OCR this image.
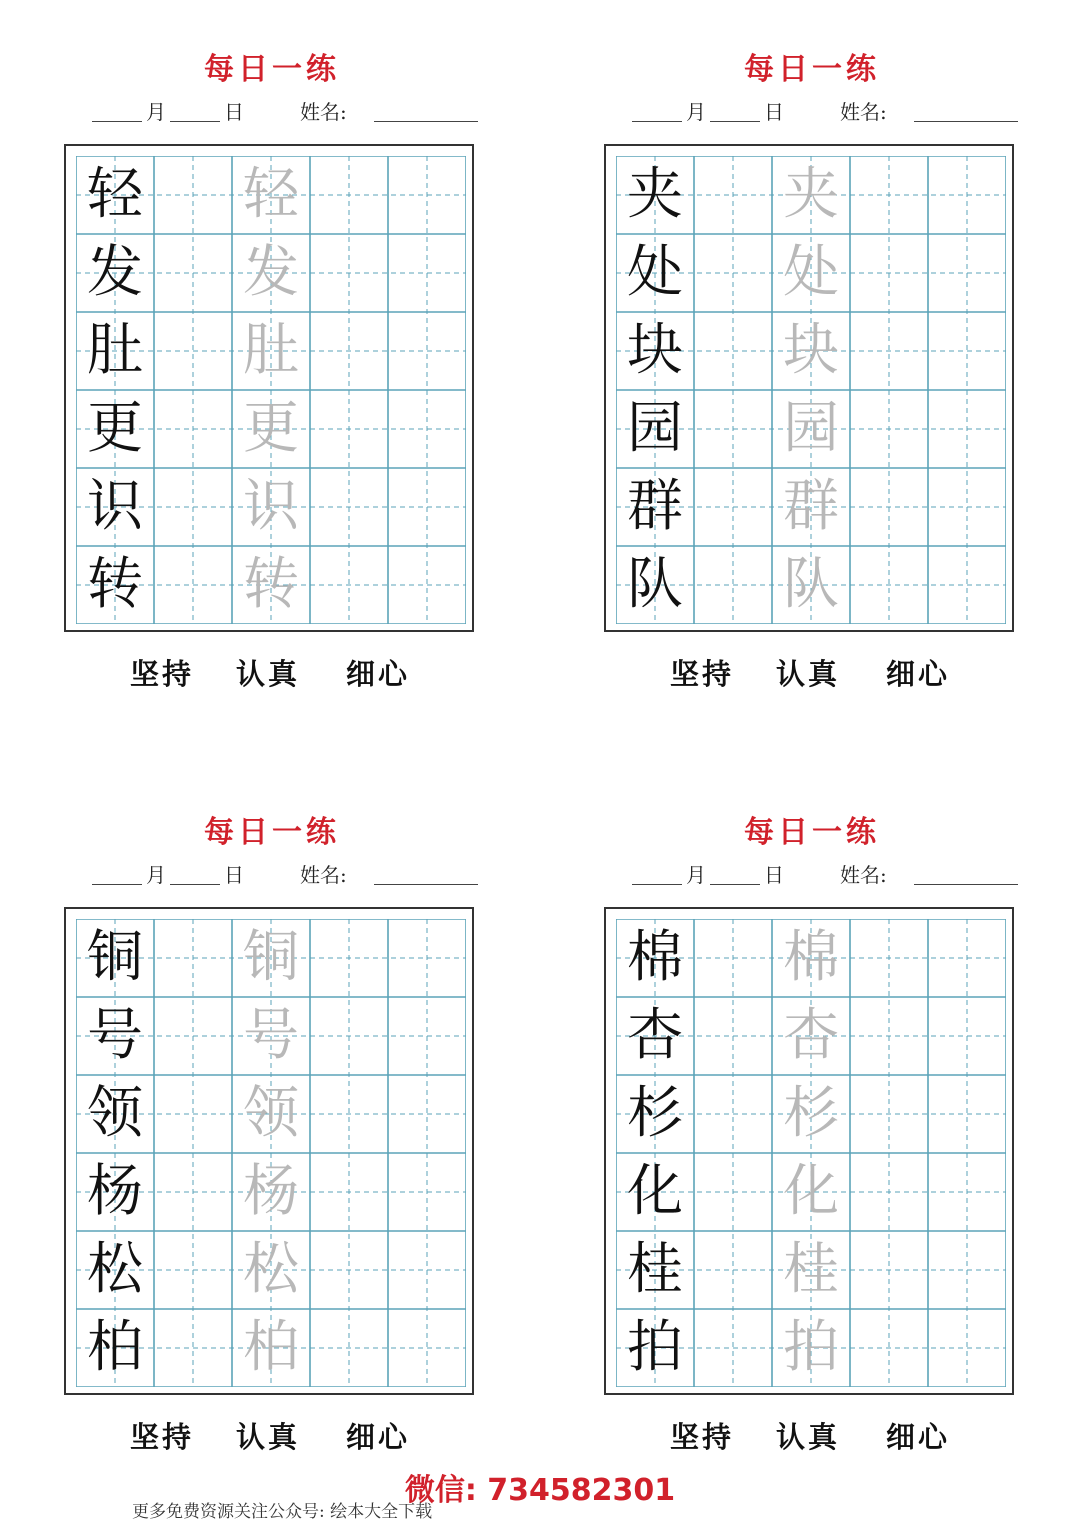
每日一练
月	日	姓名:
轻 轻
发 发
肚 肚
更 更
识 识
转 转
坚持 认真 细心
每日一练
月	日	姓名:
夹 夹
处 处
块 块
园 园
群 群
队 队
坚持 认真 细心
每日一练
月	日	姓名:
铜 铜
号 号
领 领
杨 杨
松 松
柏 柏
坚持 认真 细心
每日一练
月	日	姓名:
棉 棉
杏 杏
杉 杉
化 化
桂 桂
拍 拍
坚持 认真 细心
微信: 734582301
更多免费资源关注公众号: 绘本大全下载
